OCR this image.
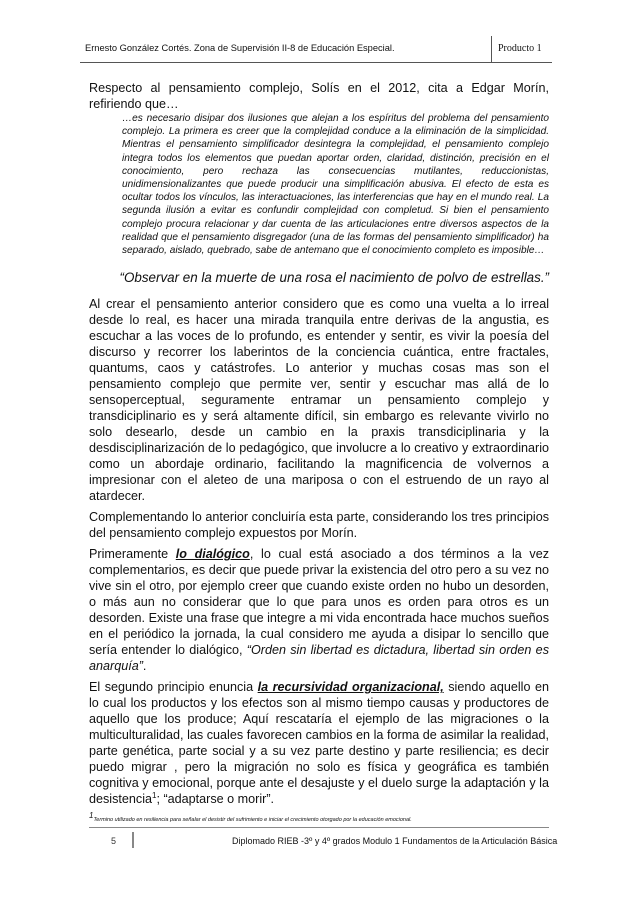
Ernesto González Cortés. Zona de Supervisión II-8 de Educación Especial.	Producto 1

Respecto al pensamiento complejo, Solís en el 2012, cita a Edgar Morín, refiriendo que…

…es necesario disipar dos ilusiones que alejan a los espíritus del problema del pensamiento complejo. La primera es creer que la complejidad conduce a la eliminación de la simplicidad. Mientras el pensamiento simplificador desintegra la complejidad, el pensamiento complejo integra todos los elementos que puedan aportar orden, claridad, distinción, precisión en el conocimiento, pero rechaza las consecuencias mutilantes, reduccionistas, unidimensionalizantes que puede producir una simplificación abusiva. El efecto de esta es ocultar todos los vínculos, las interactuaciones, las interferencias que hay en el mundo real. La segunda ilusión a evitar es confundir complejidad con completud. Si bien el pensamiento complejo procura relacionar y dar cuenta de las articulaciones entre diversos aspectos de la realidad que el pensamiento disgregador (una de las formas del pensamiento simplificador) ha separado, aislado, quebrado, sabe de antemano que el conocimiento completo es imposible…

“Observar en la muerte de una rosa el nacimiento de polvo de estrellas.”

Al crear el pensamiento anterior considero que es como una vuelta a lo irreal desde lo real, es hacer una mirada tranquila entre derivas de la angustia, es escuchar a las voces de lo profundo, es entender y sentir, es vivir la poesía del discurso y recorrer los laberintos de la conciencia cuántica, entre fractales, quantums, caos y catástrofes. Lo anterior y muchas cosas mas son el pensamiento complejo que permite ver, sentir y escuchar mas allá de lo sensoperceptual, seguramente entramar un pensamiento complejo y transdiciplinario es y será altamente difícil, sin embargo es relevante vivirlo no solo desearlo, desde un cambio en la praxis transdiciplinaria y la desdisciplinarización de lo pedagógico, que involucre a lo creativo y extraordinario como un abordaje ordinario, facilitando la magnificencia de volvernos a impresionar con el aleteo de una mariposa o con el estruendo de un rayo al atardecer.

Complementando lo anterior concluiría esta parte, considerando los tres principios del pensamiento complejo expuestos por Morín.

Primeramente lo dialógico, lo cual está asociado a dos términos a la vez complementarios, es decir que puede privar la existencia del otro pero a su vez no vive sin el otro, por ejemplo creer que cuando existe orden no hubo un desorden, o más aun no considerar que lo que para unos es orden para otros es un desorden. Existe una frase que integre a mi vida encontrada hace muchos sueños en el periódico la jornada, la cual considero me ayuda a disipar lo sencillo que sería entender lo dialógico, “Orden sin libertad es dictadura, libertad sin orden es anarquía”.

El segundo principio enuncia la recursividad organizacional, siendo aquello en lo cual los productos y los efectos son al mismo tiempo causas y productores de aquello que los produce; Aquí rescataría el ejemplo de las migraciones o la multiculturalidad, las cuales favorecen cambios en la forma de asimilar la realidad, parte genética, parte social y a su vez parte destino y parte resiliencia; es decir puedo migrar , pero la migración no solo es física y geográfica es también cognitiva y emocional, porque ante el desajuste y el duelo surge la adaptación y la desistencia$^1$; “adaptarse o morir”.

1Termino utilizado en resiliencia para señalar el desistir del sufrimiento e iniciar el crecimiento otorgado por la educación emocional.
5	Diplomado RIEB -3º y 4º grados Modulo 1 Fundamentos de la Articulación Básica
